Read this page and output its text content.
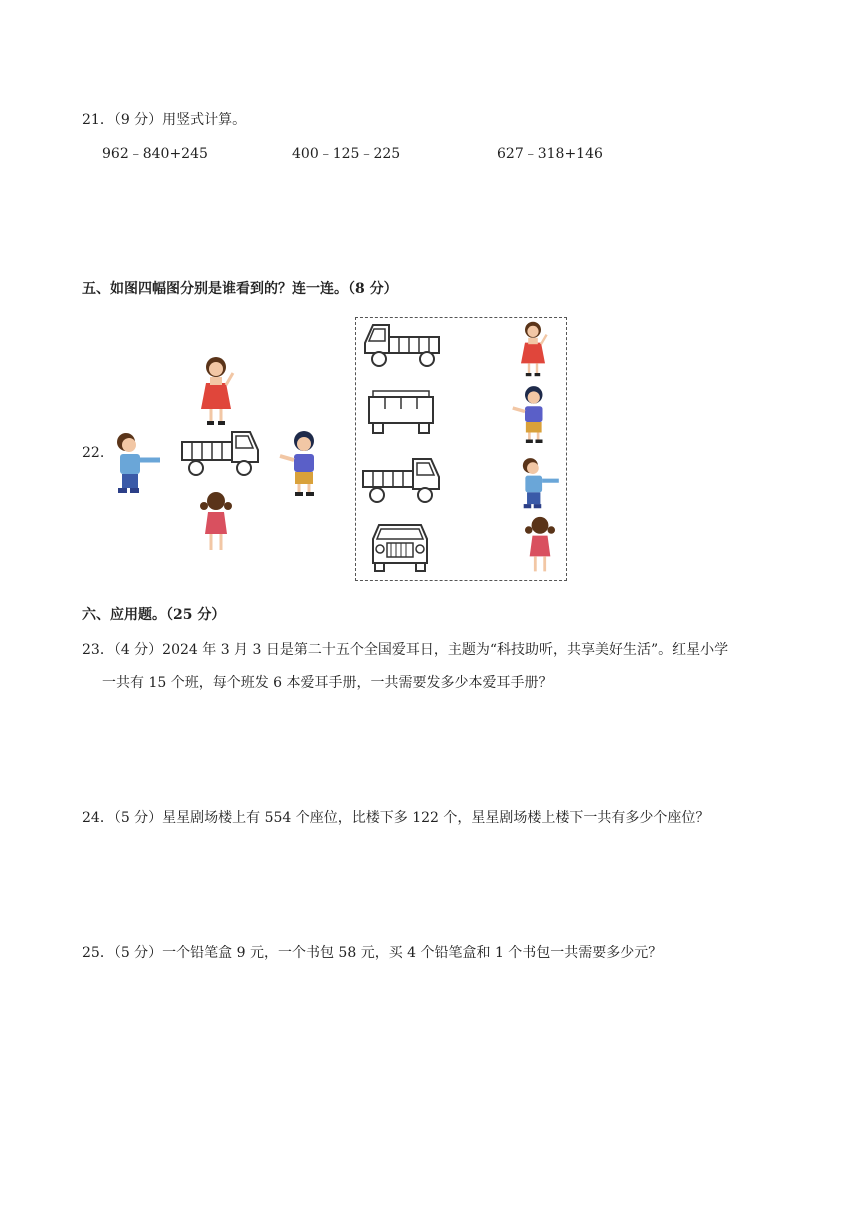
21．（9 分）用竖式计算。
962﹣840+245	400﹣125﹣225	627﹣318+146
五、如图四幅图分别是谁看到的？连一连。（8 分）
22.
六、应用题。（25 分）
23．（4 分）2024 年 3 月 3 日是第二十五个全国爱耳日，主题为“科技助听，共享美好生活”。红星小学
一共有 15 个班，每个班发 6 本爱耳手册，一共需要发多少本爱耳手册？
24．（5 分）星星剧场楼上有 554 个座位，比楼下多 122 个，星星剧场楼上楼下一共有多少个座位？
25．（5 分）一个铅笔盒 9 元，一个书包 58 元，买 4 个铅笔盒和 1 个书包一共需要多少元？
